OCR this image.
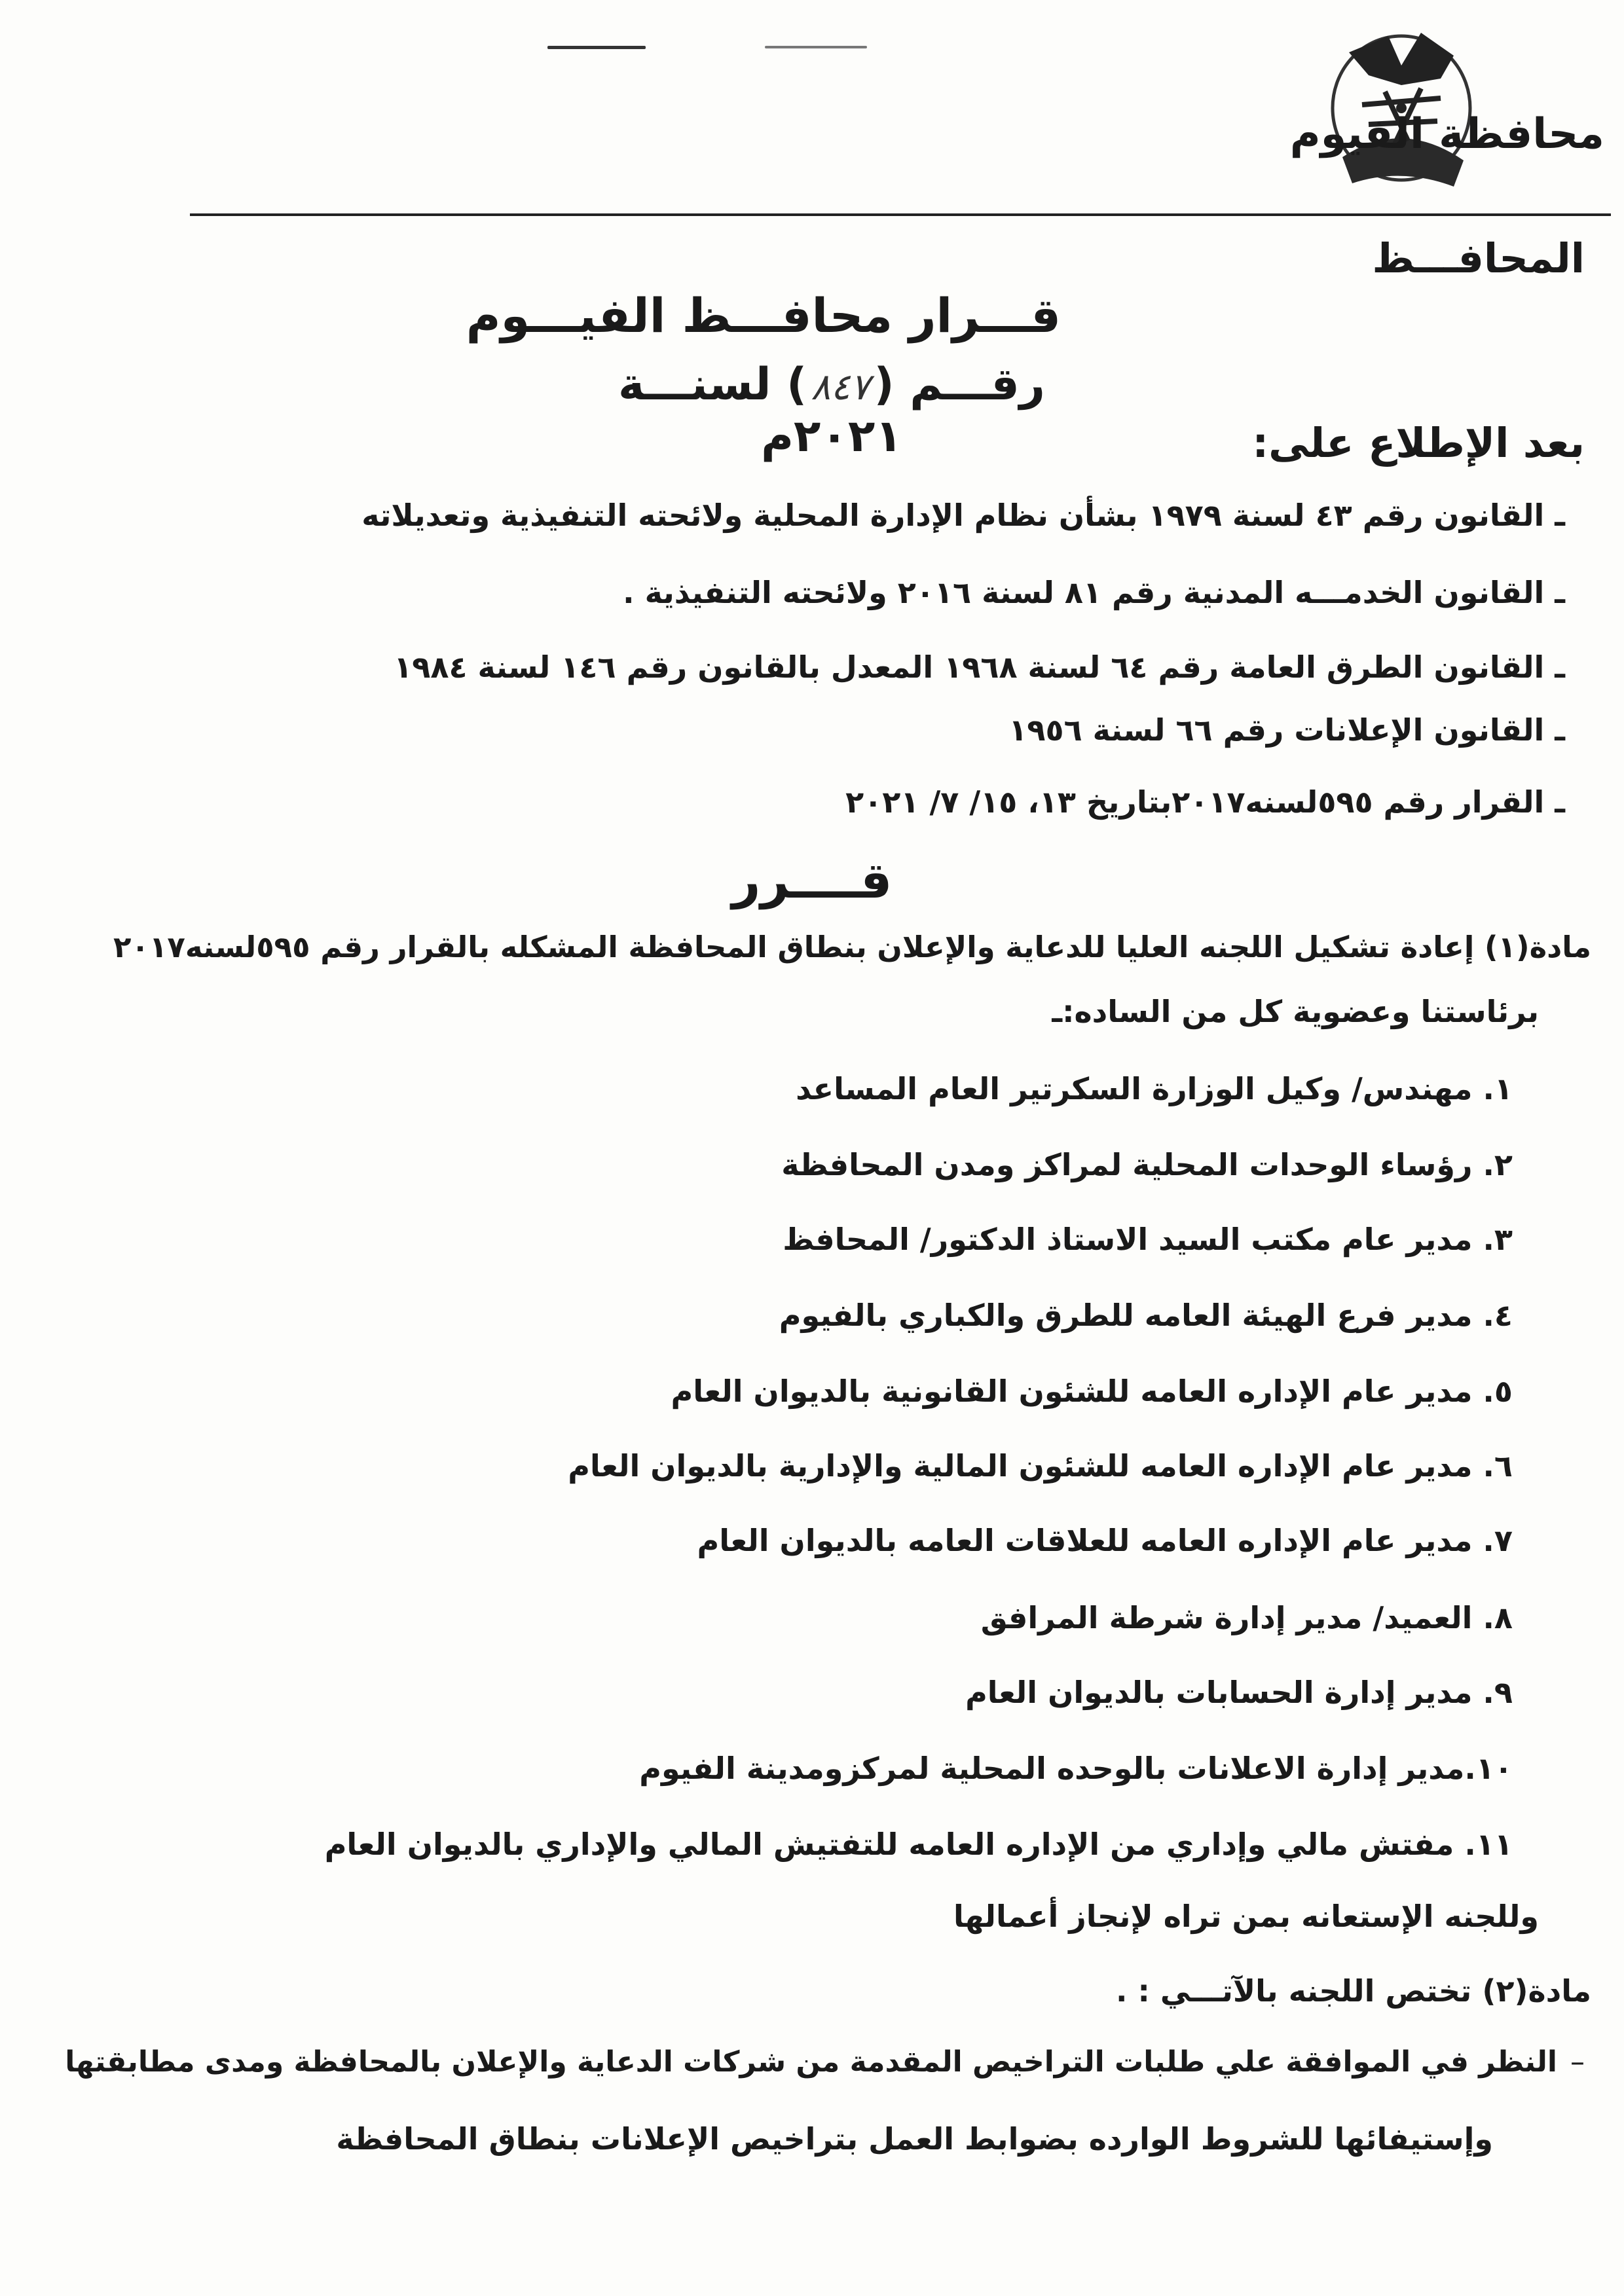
محافظة الفيوم
المحافـــظ
قـــرار محافـــظ الفيـــوم
رقـــم (٨٤٧) لسنـــة ٢٠٢١م	بعد الإطلاع على:
ـ القانون رقم ٤٣ لسنة ١٩٧٩ بشأن نظام الإدارة المحلية ولائحته التنفيذية وتعديلاته
ـ القانون الخدمـــه المدنية رقم ٨١ لسنة ٢٠١٦ ولائحته التنفيذية .
ـ القانون الطرق العامة رقم ٦٤ لسنة ١٩٦٨ المعدل بالقانون رقم ١٤٦ لسنة ١٩٨٤
ـ القانون الإعلانات رقم ٦٦ لسنة ١٩٥٦
ـ القرار رقم ٥٩٥لسنه٢٠١٧بتاريخ ١٣، ١٥/ ٧/ ٢٠٢١
قــــرر
مادة(١) إعادة تشكيل اللجنه العليا للدعاية والإعلان بنطاق المحافظة المشكله بالقرار رقم ٥٩٥لسنه٢٠١٧
برئاستنا وعضوية كل من الساده:ـ
١. مهندس/ وكيل الوزارة السكرتير العام المساعد
٢. رؤساء الوحدات المحلية لمراكز ومدن المحافظة
٣. مدير عام مكتب السيد الاستاذ الدكتور/ المحافظ
٤. مدير فرع الهيئة العامه للطرق والكباري بالفيوم
٥. مدير عام الإداره العامه للشئون القانونية بالديوان العام
٦. مدير عام الإداره العامه للشئون المالية والإدارية بالديوان العام
٧. مدير عام الإداره العامه للعلاقات العامه بالديوان العام
٨. العميد/ مدير إدارة شرطة المرافق
٩. مدير إدارة الحسابات بالديوان العام
١٠.مدير إدارة الاعلانات بالوحده المحلية لمركزومدينة الفيوم
١١. مفتش مالي وإداري من الإداره العامه للتفتيش المالي والإداري بالديوان العام
وللجنه الإستعانه بمن تراه لإنجاز أعمالها
مادة(٢) تختص اللجنه بالآتـــي : .
–النظر في الموافقة علي طلبات التراخيص المقدمة من شركات الدعاية والإعلان بالمحافظة ومدى مطابقتها
وإستيفائها للشروط الوارده بضوابط العمل بتراخيص الإعلانات بنطاق المحافظة
